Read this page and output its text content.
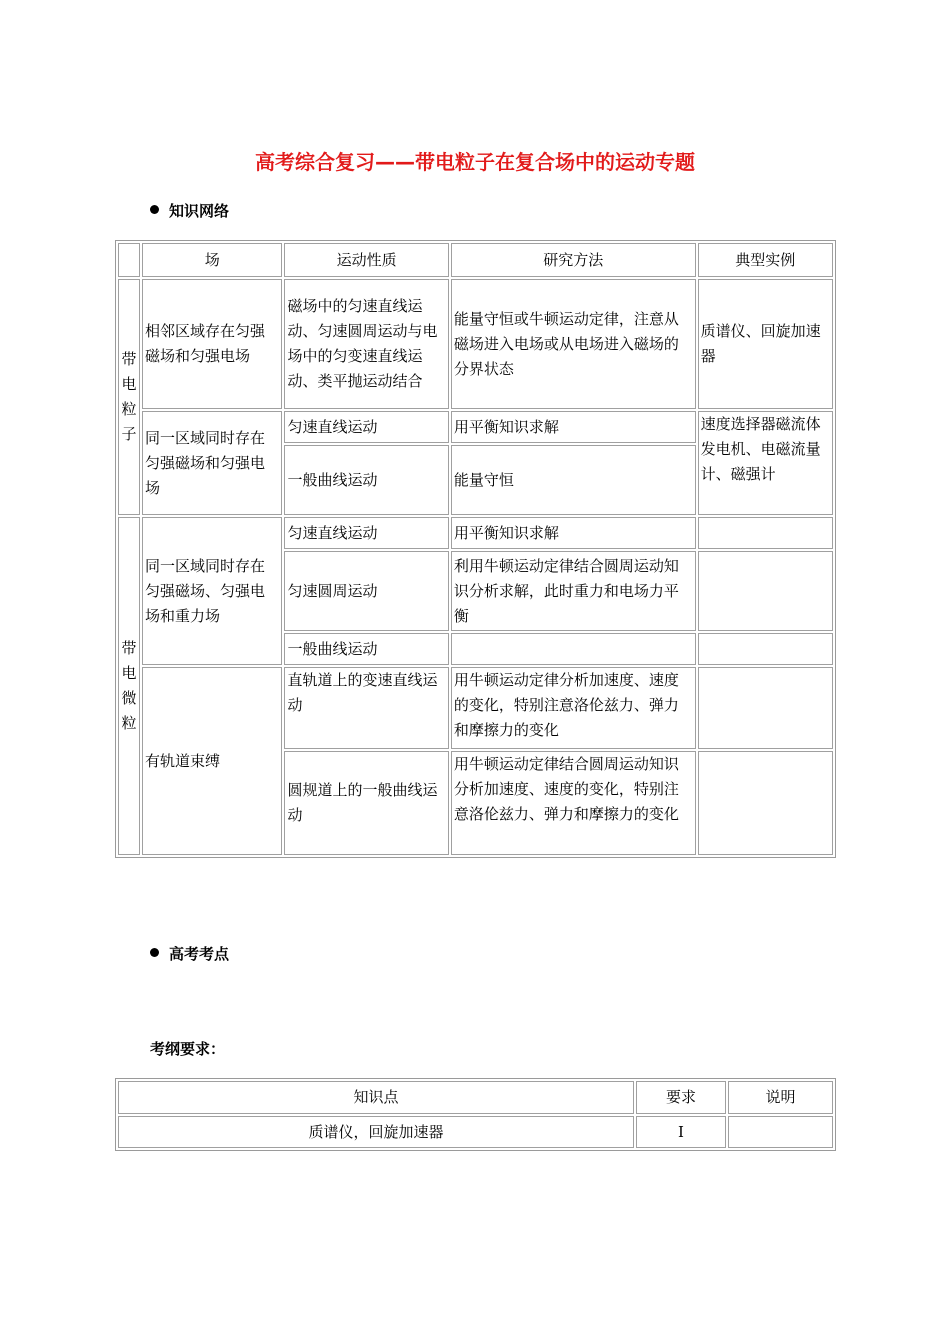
高考综合复习——带电粒子在复合场中的运动专题
知识网络
	场	运动性质	研究方法	典型实例
带
电
粒
子	相邻区域存在匀强磁场和匀强电场	磁场中的匀速直线运动、匀速圆周运动与电场中的匀变速直线运动、类平抛运动结合	能量守恒或牛顿运动定律，注意从磁场进入电场或从电场进入磁场的分界状态	质谱仪、回旋加速器
	同一区域同时存在匀强磁场和匀强电场	匀速直线运动	用平衡知识求解	速度选择器磁流体发电机、电磁流量计、磁强计
		一般曲线运动	能量守恒	
带
电
微
粒	同一区域同时存在匀强磁场、匀强电场和重力场	匀速直线运动	用平衡知识求解	
		匀速圆周运动	利用牛顿运动定律结合圆周运动知识分析求解，此时重力和电场力平衡	
		一般曲线运动		
	有轨道束缚	直轨道上的变速直线运动	用牛顿运动定律分析加速度、速度的变化，特别注意洛伦兹力、弹力和摩擦力的变化	
		圆规道上的一般曲线运动	用牛顿运动定律结合圆周运动知识分析加速度、速度的变化，特别注意洛伦兹力、弹力和摩擦力的变化	
高考考点
考纲要求：
知识点	要求	说明
质谱仪，回旋加速器	I	
